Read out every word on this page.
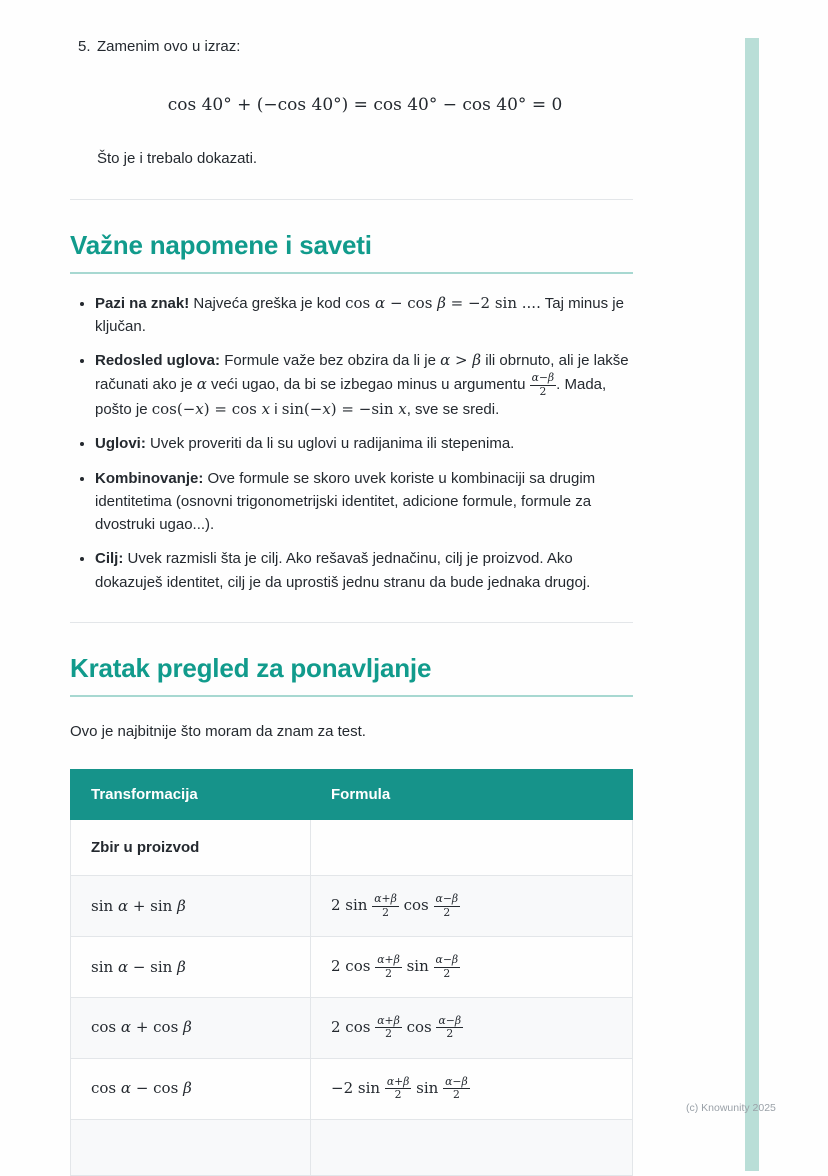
5. Zamenim ovo u izraz:
cos 40° + (−cos 40°) = cos 40° − cos 40° = 0

Što je i trebalo dokazati.

Važne napomene i saveti
• Pazi na znak! Najveća greška je kod cos α − cos β = −2 sin .... Taj minus je ključan.
• Redosled uglova: Formule važe bez obzira da li je α > β ili obrnuto, ali je lakše računati ako je α veći ugao, da bi se izbegao minus u argumentu $\frac{\alpha-\beta}{2}$ . Mada, pošto je cos(−x) = cos x i sin(−x) = −sin x, sve se sredi.
• Uglovi: Uvek proveriti da li su uglovi u radijanima ili stepenima.
• Kombinovanje: Ove formule se skoro uvek koriste u kombinaciji sa drugim identitetima (osnovni trigonometrijski identitet, adicione formule, formule za dvostruki ugao...).
• Cilj: Uvek razmisli šta je cilj. Ako rešavaš jednačinu, cilj je proizvod. Ako dokazuješ identitet, cilj je da uprostiš jednu stranu da bude jednaka drugoj.
Kratak pregled za ponavljanje

Ovo je najbitnije što moram da znam za test.

Transformacija	Formula
Zbir u proizvod	
sin α + sin β	2 $\sin \frac{\alpha+\beta}{2}$ $\cos \frac{\alpha-\beta}{2}$

sin α − sin β	2 $\cos \frac{\alpha+\beta}{2}$ $\sin \frac{\alpha-\beta}{2}$

cos α + cos β	2 $\cos \frac{\alpha+\beta}{2}$ $\cos \frac{\alpha-\beta}{2}$

cos α − cos β	−2 $\sin \frac{\alpha+\beta}{2}$ $\sin \frac{\alpha-\beta}{2}$

(c) Knowunity 2025
